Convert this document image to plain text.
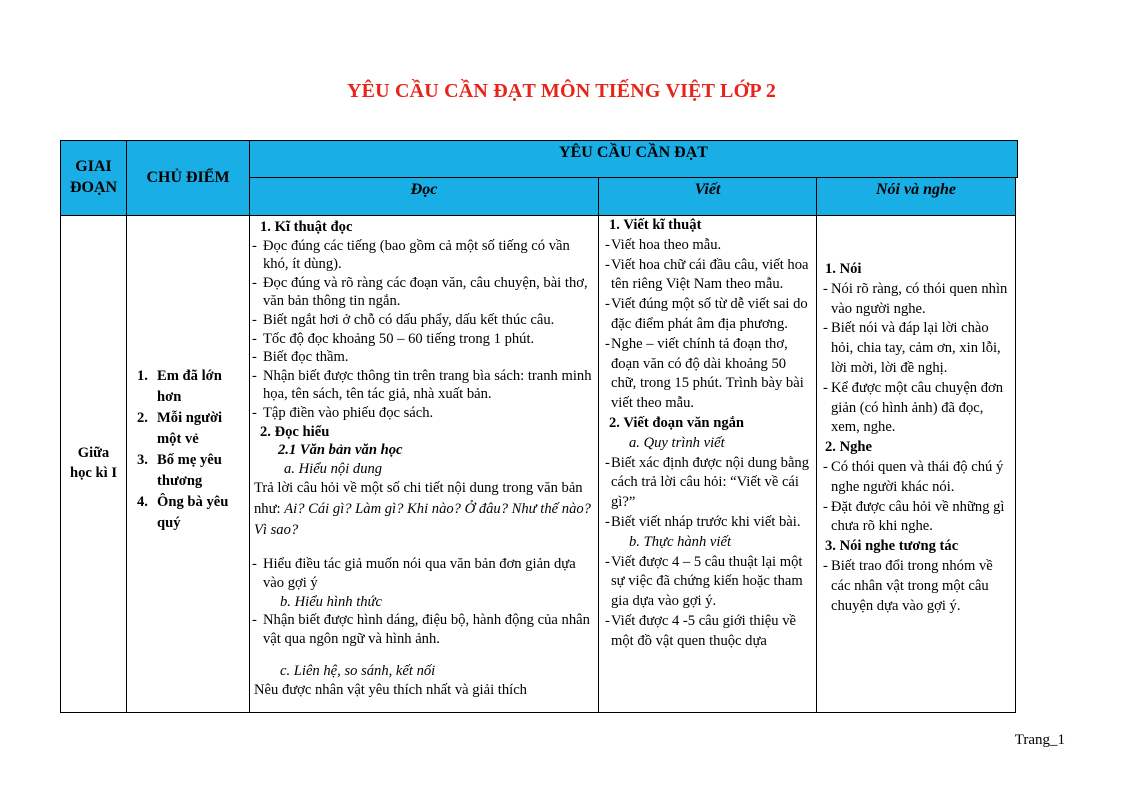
YÊU CẦU CẦN ĐẠT MÔN TIẾNG VIỆT LỚP 2
GIAI ĐOẠN
CHỦ ĐIỂM
YÊU CẦU CẦN ĐẠT
Đọc	Viết	Nói và nghe
Giữa học kì I
1. Em đã lớn hơn
2. Mỗi người một vẻ
3. Bố mẹ yêu thương
4. Ông bà yêu quý
1. Kĩ thuật đọc
- Đọc đúng các tiếng (bao gồm cả một số tiếng có vần khó, ít dùng).
- Đọc đúng và rõ ràng các đoạn văn, câu chuyện, bài thơ, văn bản thông tin ngắn.
- Biết ngắt hơi ở chỗ có dấu phẩy, dấu kết thúc câu.
- Tốc độ đọc khoảng 50 – 60 tiếng trong 1 phút.
- Biết đọc thầm.
- Nhận biết được thông tin trên trang bìa sách: tranh minh họa, tên sách, tên tác giả, nhà xuất bản.
- Tập điền vào phiếu đọc sách.
2. Đọc hiểu
2.1 Văn bản văn học
a. Hiểu nội dung
Trả lời câu hỏi về một số chi tiết nội dung trong văn bản như: Ai? Cái gì? Làm gì? Khi nào? Ở đâu? Như thế nào? Vì sao?
- Hiểu điều tác giả muốn nói qua văn bản đơn giản dựa vào gợi ý
b. Hiểu hình thức
- Nhận biết được hình dáng, điệu bộ, hành động của nhân vật qua ngôn ngữ và hình ảnh.
c. Liên hệ, so sánh, kết nối
Nêu được nhân vật yêu thích nhất và giải thích
1. Viết kĩ thuật
- Viết hoa theo mẫu.
- Viết hoa chữ cái đầu câu, viết hoa tên riêng Việt Nam theo mẫu.
- Viết đúng một số từ dễ viết sai do đặc điểm phát âm địa phương.
- Nghe – viết chính tả đoạn thơ, đoạn văn có độ dài khoảng 50 chữ, trong 15 phút. Trình bày bài viết theo mẫu.
2. Viết đoạn văn ngắn
a. Quy trình viết
- Biết xác định được nội dung bằng cách trả lời câu hỏi: “Viết về cái gì?”
- Biết viết nháp trước khi viết bài.
b. Thực hành viết
- Viết được 4 – 5 câu thuật lại một sự việc đã chứng kiến hoặc tham gia dựa vào gợi ý.
- Viết được 4 -5 câu giới thiệu về một đồ vật quen thuộc dựa
1. Nói
- Nói rõ ràng, có thói quen nhìn vào người nghe.
- Biết nói và đáp lại lời chào hỏi, chia tay, cảm ơn, xin lỗi, lời mời, lời đề nghị.
- Kể được một câu chuyện đơn giản (có hình ảnh) đã đọc, xem, nghe.
2. Nghe
- Có thói quen và thái độ chú ý nghe người khác nói.
- Đặt được câu hỏi về những gì chưa rõ khi nghe.
3. Nói nghe tương tác
- Biết trao đổi trong nhóm về các nhân vật trong một câu chuyện dựa vào gợi ý.
Trang_1
